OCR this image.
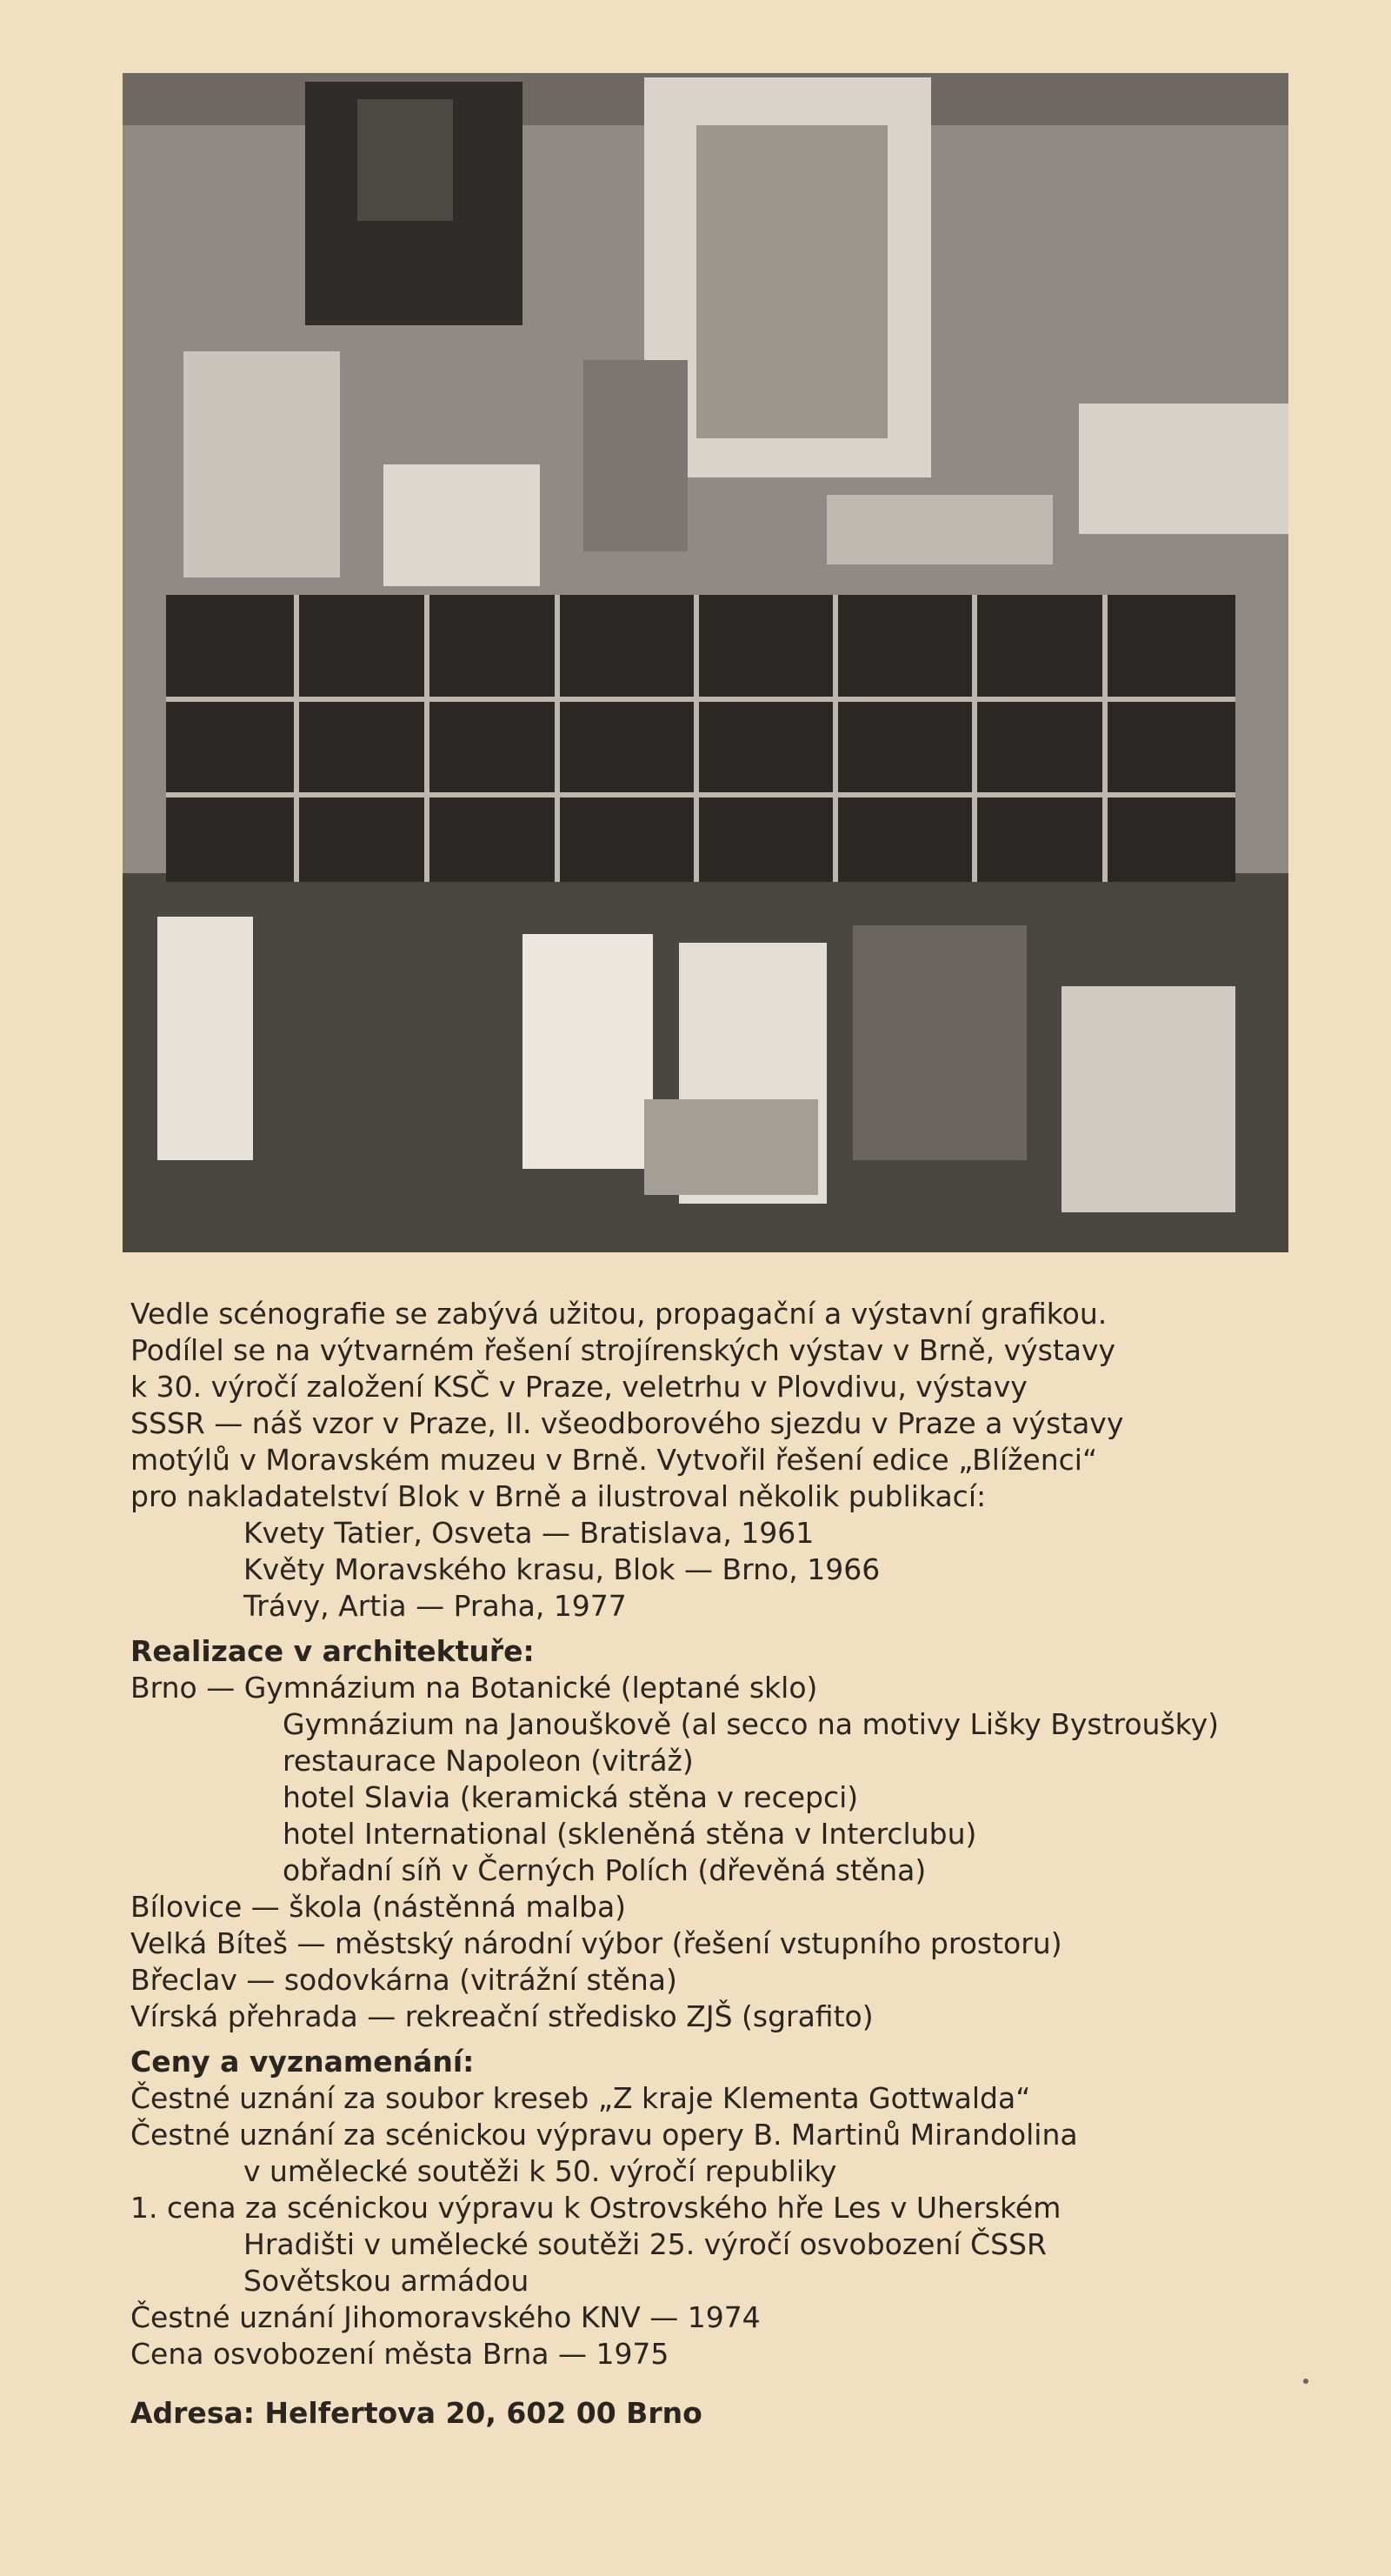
Vedle scénografie se zabývá užitou, propagační a výstavní grafikou.

Podílel se na výtvarném řešení strojírenských výstav v Brně, výstavy

k 30. výročí založení KSČ v Praze, veletrhu v Plovdivu, výstavy

SSSR — náš vzor v Praze, II. všeodborového sjezdu v Praze a výstavy

motýlů v Moravském muzeu v Brně. Vytvořil řešení edice „Blíženci“

pro nakladatelství Blok v Brně a ilustroval několik publikací:

Kvety Tatier, Osveta — Bratislava, 1961

Květy Moravského krasu, Blok — Brno, 1966

Trávy, Artia — Praha, 1977

Realizace v architektuře:

Brno — Gymnázium na Botanické (leptané sklo)

Gymnázium na Janouškově (al secco na motivy Lišky Bystroušky)

restaurace Napoleon (vitráž)

hotel Slavia (keramická stěna v recepci)

hotel International (skleněná stěna v Interclubu)

obřadní síň v Černých Polích (dřevěná stěna)

Bílovice — škola (nástěnná malba)

Velká Bíteš — městský národní výbor (řešení vstupního prostoru)

Břeclav — sodovkárna (vitrážní stěna)

Vírská přehrada — rekreační středisko ZJŠ (sgrafito)

Ceny a vyznamenání:

Čestné uznání za soubor kreseb „Z kraje Klementa Gottwalda“

Čestné uznání za scénickou výpravu opery B. Martinů Mirandolina

v umělecké soutěži k 50. výročí republiky

1. cena za scénickou výpravu k Ostrovského hře Les v Uherském

Hradišti v umělecké soutěži 25. výročí osvobození ČSSR

Sovětskou armádou

Čestné uznání Jihomoravského KNV — 1974

Cena osvobození města Brna — 1975

Adresa: Helfertova 20, 602 00 Brno
